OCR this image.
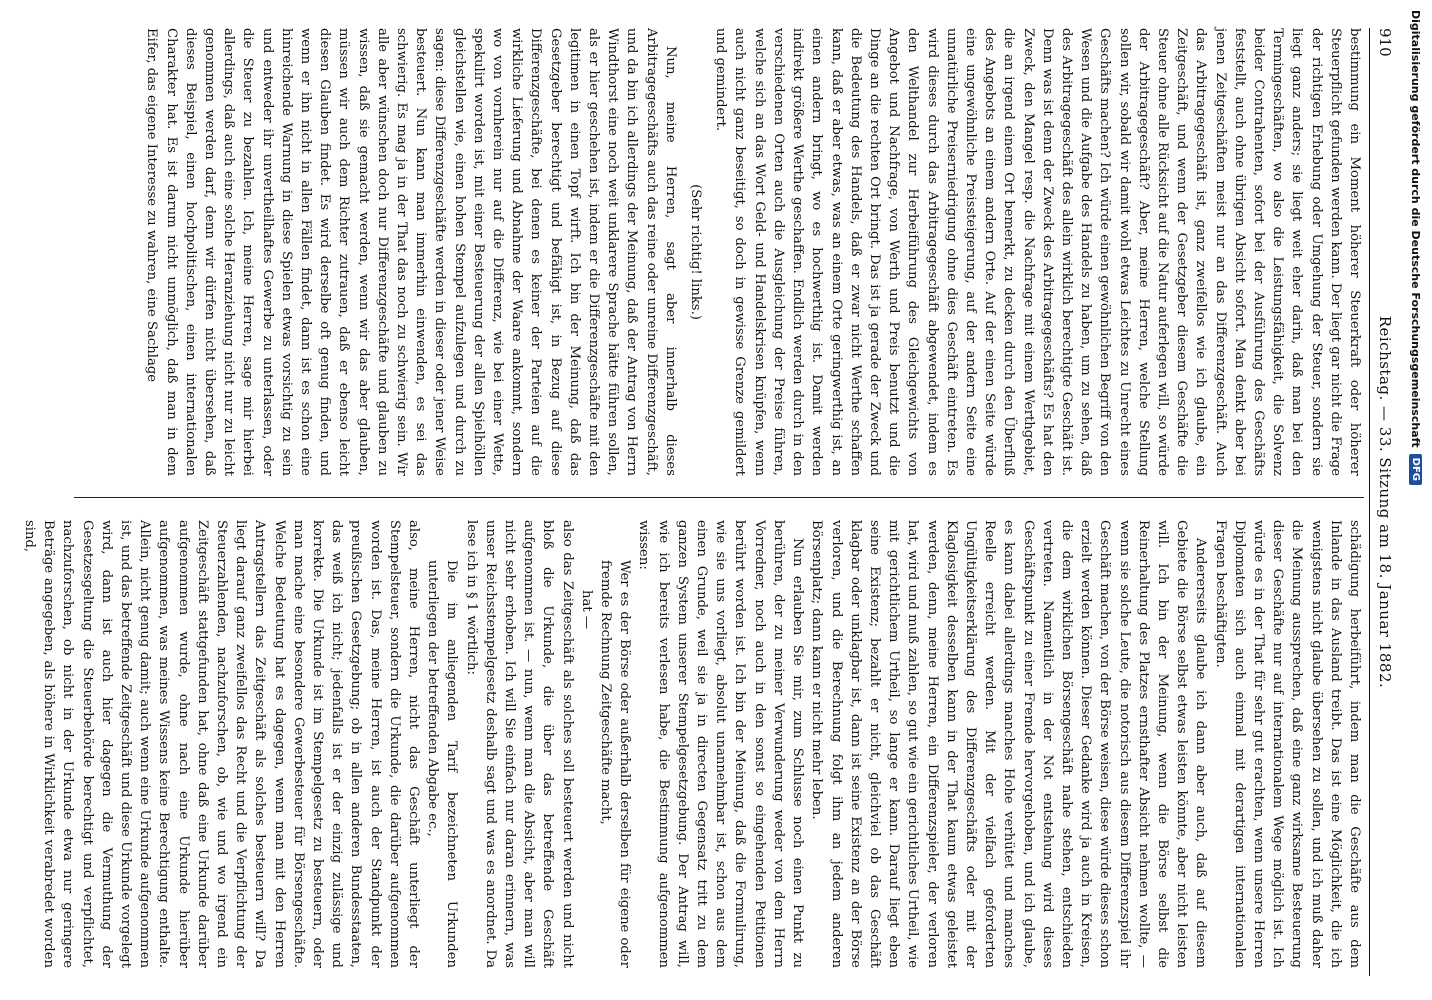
910
Reichstag. — 33. Sitzung am 18. Januar 1882.

bestimmung ein Moment höherer Steuerkraft oder höherer Steuerpflicht gefunden werden kann. Der liegt gar nicht die Frage der richtigen Erhebung oder Umgehung der Steuer, sondern sie liegt ganz anders; sie liegt weit eher darin, daß man bei den Termingeschäften, wo also die Leistungsfähigkeit, die Solvenz beider Contrahenten, sofort bei der Ausführung des Geschäfts feststellt, auch ohne übrigen Absicht sofort. Man denkt aber bei jenen Zeitgeschäften meist nur an das Differenzgeschäft. Auch das Arbitragegeschäft ist, ganz zweifellos wie ich glaube, ein Zeitgeschäft, und wenn der Gesetzgeber diesem Geschäfte die Steuer ohne alle Rücksicht auf die Natur auferlegen will, so würde der Arbitragegeschäft? Aber, meine Herren, welche Stellung sollen wir, sobald wir damit wohl etwas Leichtes zu Unrecht eines Geschäfts machen? Ich würde einen gewöhnlichen Begriff von den Wesen und die Aufgabe des Handels zu haben, um zu sehen, daß des Arbitragegeschäft des allein wirklich berechtigte Geschäft ist. Denn was ist denn der Zweck des Arbitragegeschäfts? Es hat den Zweck, den Mangel resp. die Nachfrage mit einem Werthgebiet, die an irgend einem Ort bemerkt, zu decken durch den Überfluß des Angebots an einem andern Orte. Auf der einen Seite würde eine ungewöhnliche Preissteigerung, auf der andern Seite eine unnatürliche Preiserniedrigung ohne dies Geschäft eintreten. Es wird dieses durch das Arbitragegeschäft abgewendet, indem es den Welthandel zur Herbeiführung des Gleichgewichts von Angebot und Nachfrage, von Werth und Preis benutzt und die Dinge an die rechten Ort bringt. Das ist ja gerade der Zweck und die Bedeutung des Handels, daß er zwar nicht Werthe schaffen kann, daß er aber etwas, was an einem Orte geringwerthig ist, an einen andern bringt, wo es hochwerthig ist. Damit werden indirekt größere Werthe geschaffen. Endlich werden durch in den verschiedenen Orten auch die Ausgleichung der Preise führen, welche sich an das Wort Geld- und Handelskrisen knüpfen, wenn auch nicht ganz beseitigt, so doch in gewisse Grenze gemildert und gemindert.

(Sehr richtig! links.)

Nun, meine Herren, sagt aber innerhalb dieses Arbitragegeschäfts auch das reine oder unreine Differenzgeschäft, und da bin ich allerdings der Meinung, daß der Antrag von Herrn Windthorst eine noch weit unklarere Sprache hätte führen sollen, als er hier geschehen ist, indem er die Differenzgeschäfte mit den legitimen in einen Topf wirft. Ich bin der Meinung, daß das Gesetzgeber berechtigt und befähigt ist, in Bezug auf diese Differenzgeschäfte, bei denen es keiner der Parteien auf die wirkliche Lieferung und Abnahme der Waare ankommt, sondern wo von vornherein nur auf die Differenz, wie bei einer Wette, spekulirt worden ist, mit einer Besteuerung der allen Spielhöllen gleichstellen wie, einen hohen Stempel aufzulegen und durch zu sagen: diese Differenzgeschäfte werden in dieser oder jener Weise besteuert. Nun kann man immerhin einwenden, es sei das schwierig. Es mag ja in der That das noch zu schwierig sein. Wir alle aber wünschen doch nur Differenzgeschäfte und glauben zu wissen, daß sie gemacht werden, wenn wir das aber glauben, müssen wir auch dem Richter zutrauen, daß er ebenso leicht diesen Glauben findet. Es wird derselbe oft genug finden, und wenn er ihn nicht in allen Fällen findet, dann ist es schon eine hinreichende Warnung in diese Spielen etwas vorsichtig zu sein und entweder ihr unvertheilhaftes Gewerbe zu unterlassen, oder die Steuer zu bezahlen. Ich, meine Herren, sage mir hierbei allerdings, daß auch eine solche Heranziehung nicht nur zu leicht genommen werden darf, denn wir dürfen nicht übersehen, daß dieses Beispiel, einen hochpolitischen, einen internationalen Charakter hat. Es ist darum nicht unmöglich, daß man in dem Eifer, das eigene Interesse zu wahren, eine Sachlage

schädigung herbeiführt, indem man die Geschäfte aus dem Inlande in das Ausland treibt. Das ist eine Möglichkeit, die ich wenigstens nicht glaube übersehen zu sollen, und ich muß daher die Meinung aussprechen, daß eine ganz wirksame Besteuerung dieser Geschäfte nur auf internationalem Wege möglich ist. Ich würde es in der That für sehr gut erachten, wenn unsere Herren Diplomaten sich auch einmal mit derartigen internationalen Fragen beschäftigten.

Andererseits glaube ich dann aber auch, daß auf diesem Gebiete die Börse selbst etwas leisten könnte, aber nicht leisten will. Ich bin der Meinung, wenn die Börse selbst die Reinerhaltung des Platzes ernsthafter Absicht nehmen wollte, — wenn sie solche Leute, die notorisch aus diesem Differenzspiel ihr Geschäft machen, von der Börse weisen, diese würde dieses schon erzielt werden können. Dieser Gedanke wird ja auch in Kreisen, die dem wirklichen Börsengeschäft nahe stehen, entschieden vertreten. Namentlich in der Not entstehung wird dieses Geschäftspunkt zu einer Fremde hervorgehoben, und ich glaube, es kann dabei allerdings manches Hohe verhütet und manches Reelle erreicht werden. Mit der vielfach geforderten Ungültigkeitserklärung des Differenzgeschäfts oder mit der Klaglosigkeit desselben kann in der That kaum etwas geleistet werden, denn, meine Herren, ein Differenzspieler, der verloren hat, wird und muß zahlen, so gut wie ein gerichtliches Urtheil, wie mit gerichtlichem Urtheil, so lange er kann. Darauf liegt eben seine Existenz; bezahlt er nicht, gleichviel ob das Geschäft klagbar oder unklagbar ist, dann ist seine Existenz an der Börse verloren, und die Berechnung folgt ihm an jedem anderen Börsenplatz; dann kann er nicht mehr leben.

Nun erlauben Sie mir, zum Schlusse noch einen Punkt zu berühren, der zu meiner Verwunderung weder von dem Herrn Vorredner, noch auch in den sonst so eingehenden Petitionen berührt worden ist. Ich bin der Meinung, daß die Formulirung, wie sie uns vorliegt, absolut unannehmbar ist, schon aus dem einen Grunde, weil sie ja in directen Gegensatz tritt zu dem ganzen System unserer Stempelgesetzgebung. Der Antrag will, wie ich bereits verlesen habe, die Bestimmung aufgenommen wissen:

Wer es der Börse oder außerhalb derselben für eigene oder fremde Rechnung Zeitgeschäfte macht,

hat —

also das Zeitgeschäft als solches soll besteuert werden und nicht bloß die Urkunde, die über das betreffende Geschäft aufgenommen ist. — nun, wenn man die Absicht, aber man will nicht sehr erhoben. Ich will Sie einfach nur daran erinnern, was unser Reichsstempelgesetz deshalb sagt und was es anordnet. Da lese ich in § 1 wörtlich:

Die im anliegenden Tarif bezeichneten Urkunden unterliegen der betreffenden Abgabe ec.,

also, meine Herren, nicht das Geschäft unterliegt der Stempelsteuer, sondern die Urkunde, die darüber aufgenommen worden ist. Das, meine Herren, ist auch der Standpunkt der preußischen Gesetzgebung; ob in allen anderen Bundesstaaten, das weiß ich nicht; jedenfalls ist er der einzig zulässige und korrekte. Die Urkunde ist im Stempelgesetz zu besteuern, oder man mache eine besondere Gewerbesteuer für Börsengeschäfte. Welche Bedeutung hat es dagegen, wenn man mit den Herren Antragstellern das Zeitgeschäft als solches besteuern will? Da liegt darauf ganz zweifellos das Recht und die Verpflichtung der Steuerzahlenden, nachzuforschen, ob, wie und wo irgend ein Zeitgeschäft stattgefunden hat, ohne daß eine Urkunde darüber aufgenommen wurde, ohne nach eine Urkunde hierüber aufgenommen, was meines Wissens keine Berechtigung enthalte. Allein, nicht genug damit; auch wenn eine Urkunde aufgenommen ist, und das betreffende Zeitgeschäft und diese Urkunde vorgelegt wird, dann ist auch hier dagegen die Vermuthung der Gesetzesgeltung die Steuerbehörde berechtigt und verpflichtet, nachzuforschen, ob nicht in der Urkunde etwa nur geringere Beträge angegeben, als höhere in Wirklichkeit verabredet worden sind,

Digitalisierung gefördert durch die Deutsche Forschungsgemeinschaft
DFG
